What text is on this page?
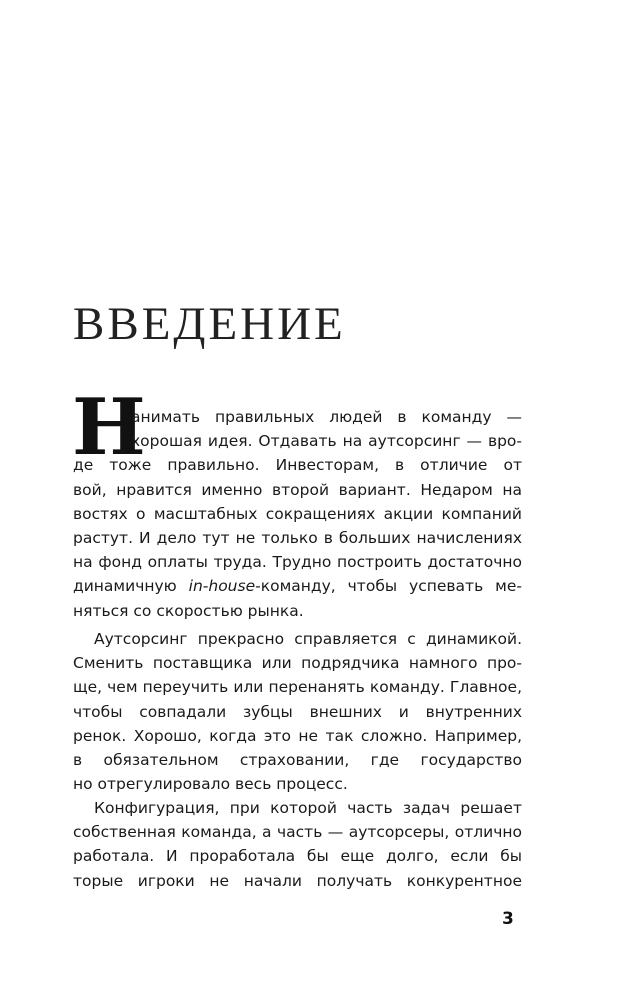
ВВЕДЕНИЕ
Н
анимать правильных людей в команду —
хорошая идея. Отдавать на аутсорсинг — вро-
де тоже правильно. Инвесторам, в отличие от
вой, нравится именно второй вариант. Недаром на
востях о масштабных сокращениях акции компаний
растут. И дело тут не только в больших начислениях
на фонд оплаты труда. Трудно построить достаточно
динамичную in-house-команду, чтобы успевать ме-
няться со скоростью рынка.
Аутсорсинг прекрасно справляется с динамикой.
Сменить поставщика или подрядчика намного про-
ще, чем переучить или перенанять команду. Главное,
чтобы совпадали зубцы внешних и внутренних
ренок. Хорошо, когда это не так сложно. Например,
в обязательном страховании, где государство
но отрегулировало весь процесс.
Конфигурация, при которой часть задач решает
собственная команда, а часть — аутсорсеры, отлично
работала. И проработала бы еще долго, если бы
торые игроки не начали получать конкурентное
3
